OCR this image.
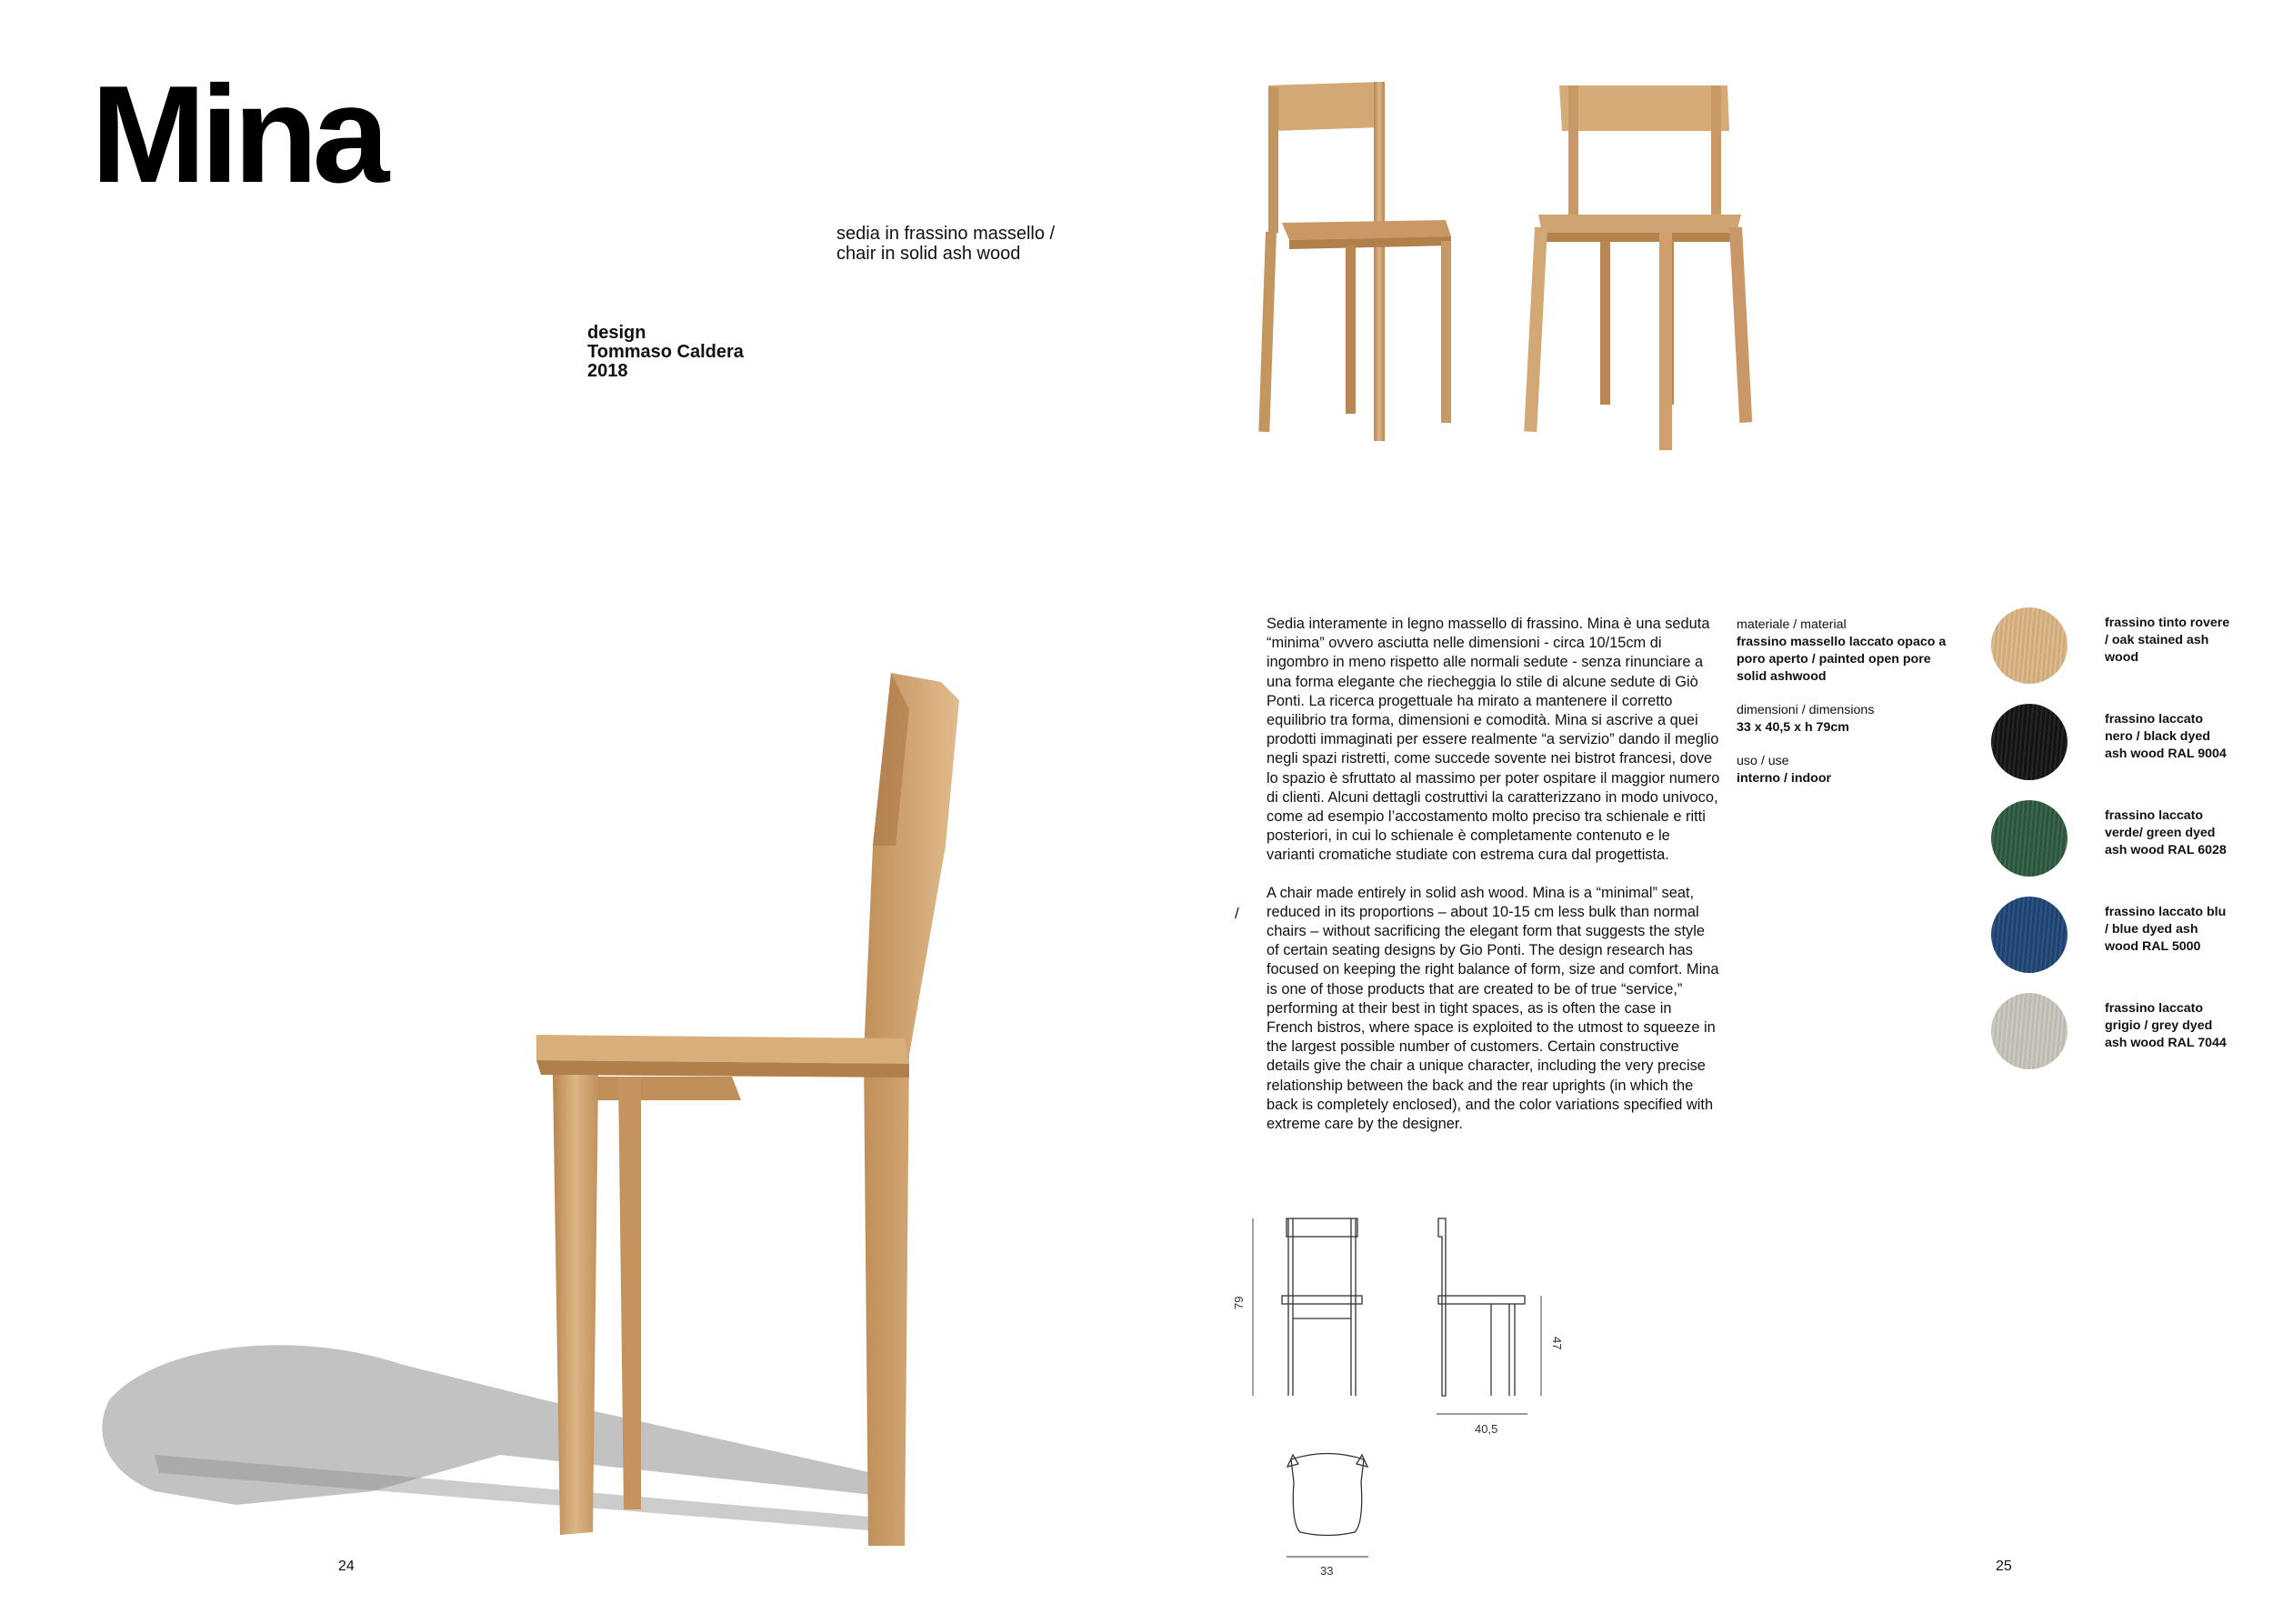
Mina
sedia in frassino massello /
chair in solid ash wood
design
Tommaso Caldera
2018

Sedia interamente in legno massello di frassino. Mina è una seduta “minima” ovvero asciutta nelle dimensioni - circa 10/15cm di ingombro in meno rispetto alle normali sedute - senza rinunciare a una forma elegante che riecheggia lo stile di alcune sedute di Giò Ponti. La ricerca progettuale ha mirato a mantenere il corretto equilibrio tra forma, dimensioni e comodità. Mina si ascrive a quei prodotti immaginati per essere realmente “a servizio” dando il meglio negli spazi ristretti, come succede sovente nei bistrot francesi, dove lo spazio è sfruttato al massimo per poter ospitare il maggior numero di clienti. Alcuni dettagli costruttivi la caratterizzano in modo univoco, come ad esempio l’accostamento molto preciso tra schienale e ritti posteriori, in cui lo schienale è completamente contenuto e le varianti cromatiche studiate con estrema cura dal progettista.

A chair made entirely in solid ash wood. Mina is a “minimal” seat, reduced in its proportions – about 10-15 cm less bulk than normal chairs – without sacrificing the elegant form that suggests the style of certain seating designs by Gio Ponti. The design research has focused on keeping the right balance of form, size and comfort. Mina is one of those products that are created to be of true “service,” performing at their best in tight spaces, as is often the case in French bistros, where space is exploited to the utmost to squeeze in the largest possible number of customers. Certain constructive details give the chair a unique character, including the very precise relationship between the back and the rear uprights (in which the back is completely enclosed), and the color variations specified with extreme care by the designer.

/
materiale / material
frassino massello laccato opaco a poro aperto / painted open pore solid ashwood
dimensioni / dimensions
33 x 40,5 x h 79cm
uso / use
interno / indoor
frassino tinto rovere / oak stained ash wood
frassino laccato nero / black dyed ash wood RAL 9004
frassino laccato verde/ green dyed ash wood RAL 6028
frassino laccato blu / blue dyed ash wood RAL 5000
frassino laccato grigio / grey dyed ash wood RAL 7044
79
47
40,5
33
24	25
